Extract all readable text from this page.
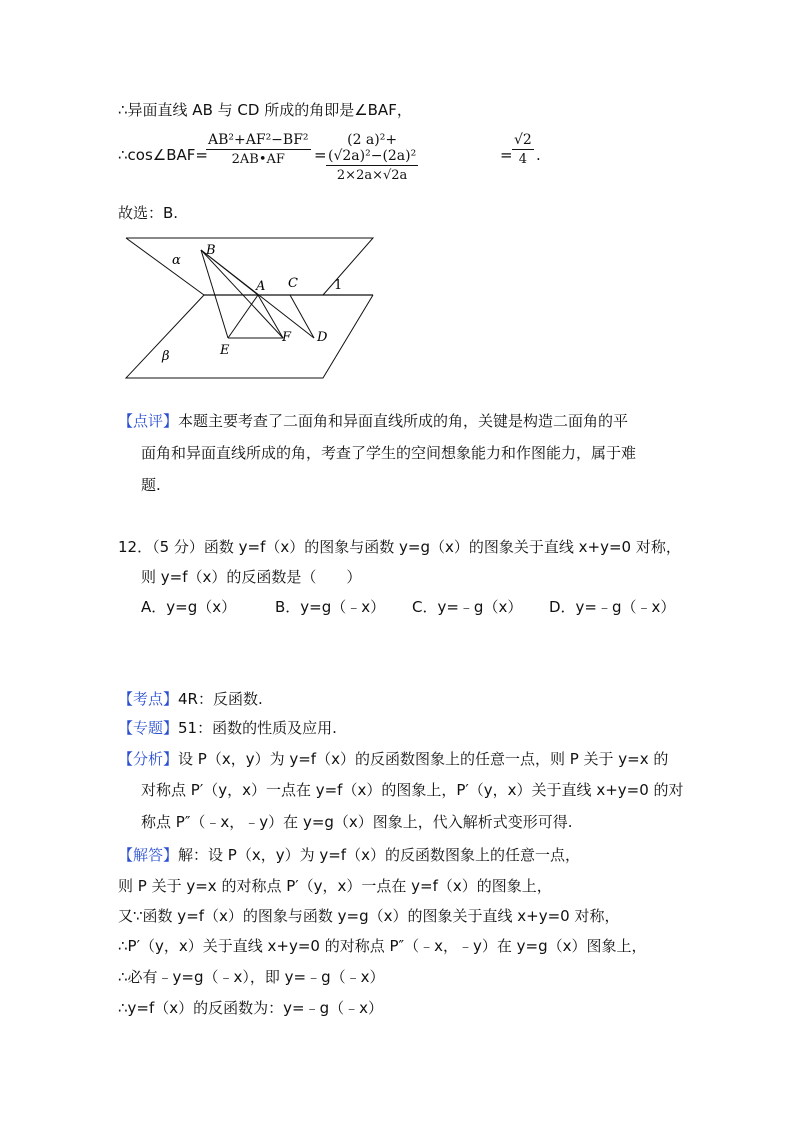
∴异面直线 AB 与 CD 所成的角即是∠BAF，
∴cos∠BAF=
$\frac{\text{AB²+AF²−BF²}}{2AB•AF} = \frac{\text{(2 a)²+(√2a)²−(2a)²}}{2\times 2a\times√2a}$	= $\frac{√2}{4}$ .
故选：B.
α
β
B
A C	1
E
F D
【点评】本题主要考查了二面角和异面直线所成的角，关键是构造二面角的平
面角和异面直线所成的角，考查了学生的空间想象能力和作图能力，属于难
题.
12．（5 分）函数 y=f（x）的图象与函数 y=g（x）的图象关于直线 x+y=0 对称，
则 y=f（x）的反函数是（　　）
A．y=g（x）	B．y=g（﹣x） C．y=﹣g（x） D．y=﹣g（﹣x）
【考点】4R：反函数.
【专题】51：函数的性质及应用.
【分析】设 P（x，y）为 y=f（x）的反函数图象上的任意一点，则 P 关于 y=x 的
对称点 P′（y，x）一点在 y=f（x）的图象上，P′（y，x）关于直线 x+y=0 的对
称点 P″（﹣x，﹣y）在 y=g（x）图象上，代入解析式变形可得.
【解答】解：设 P（x，y）为 y=f（x）的反函数图象上的任意一点，
则 P 关于 y=x 的对称点 P′（y，x）一点在 y=f（x）的图象上，
又∵函数 y=f（x）的图象与函数 y=g（x）的图象关于直线 x+y=0 对称，
∴P′（y，x）关于直线 x+y=0 的对称点 P″（﹣x，﹣y）在 y=g（x）图象上，
∴必有﹣y=g（﹣x），即 y=﹣g（﹣x）
∴y=f（x）的反函数为：y=﹣g（﹣x）
